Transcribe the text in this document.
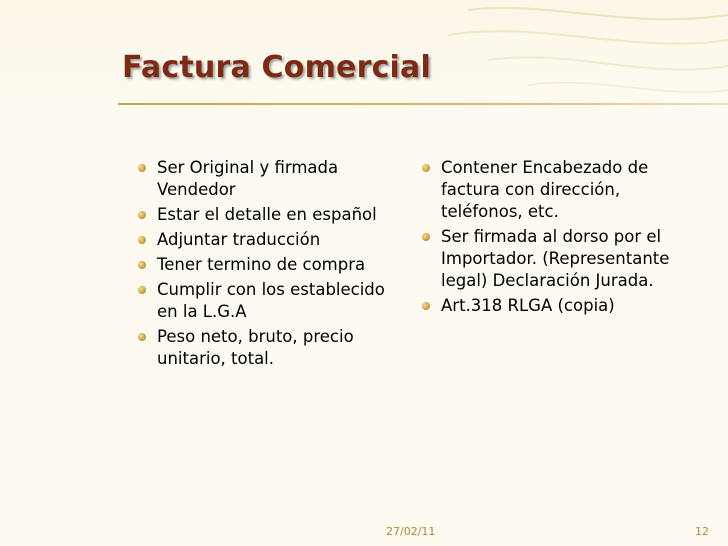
Factura Comercial
Ser Original y firmada Vendedor
Estar el detalle en español
Adjuntar traducción
Tener termino de compra
Cumplir con los establecido en la L.G.A
Peso neto, bruto, precio unitario, total.
Contener Encabezado de factura con dirección, teléfonos, etc.
Ser firmada al dorso por el Importador. (Representante legal) Declaración Jurada.
Art.318 RLGA (copia)
27/02/11	12
